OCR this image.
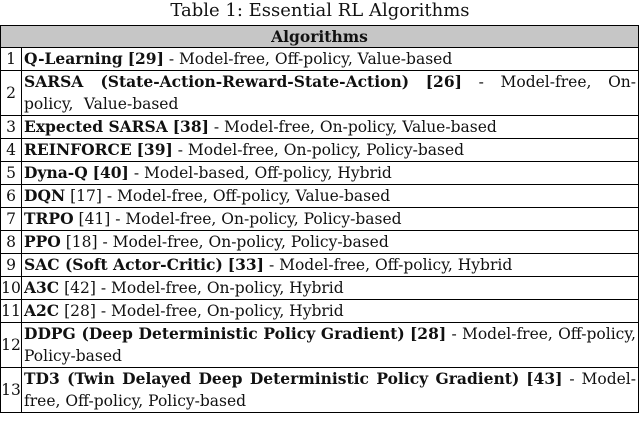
Table 1: Essential RL Algorithms
Algorithms	
1	Q-Learning [29] - Model-free, Off-policy, Value-based
2	SARSA (State-Action-Reward-State-Action) [26] - Model-free, On-policy, Value-based
3	Expected SARSA [38] - Model-free, On-policy, Value-based
4	REINFORCE [39] - Model-free, On-policy, Policy-based
5	Dyna-Q [40] - Model-based, Off-policy, Hybrid
6	DQN [17] - Model-free, Off-policy, Value-based
7	TRPO [41] - Model-free, On-policy, Policy-based
8	PPO [18] - Model-free, On-policy, Policy-based
9	SAC (Soft Actor-Critic) [33] - Model-free, Off-policy, Hybrid
10	A3C [42] - Model-free, On-policy, Hybrid
11	A2C [28] - Model-free, On-policy, Hybrid
12	DDPG (Deep Deterministic Policy Gradient) [28] - Model-free, Off-policy, Policy-based
13	TD3 (Twin Delayed Deep Deterministic Policy Gradient) [43] - Model-free, Off-policy, Policy-based
